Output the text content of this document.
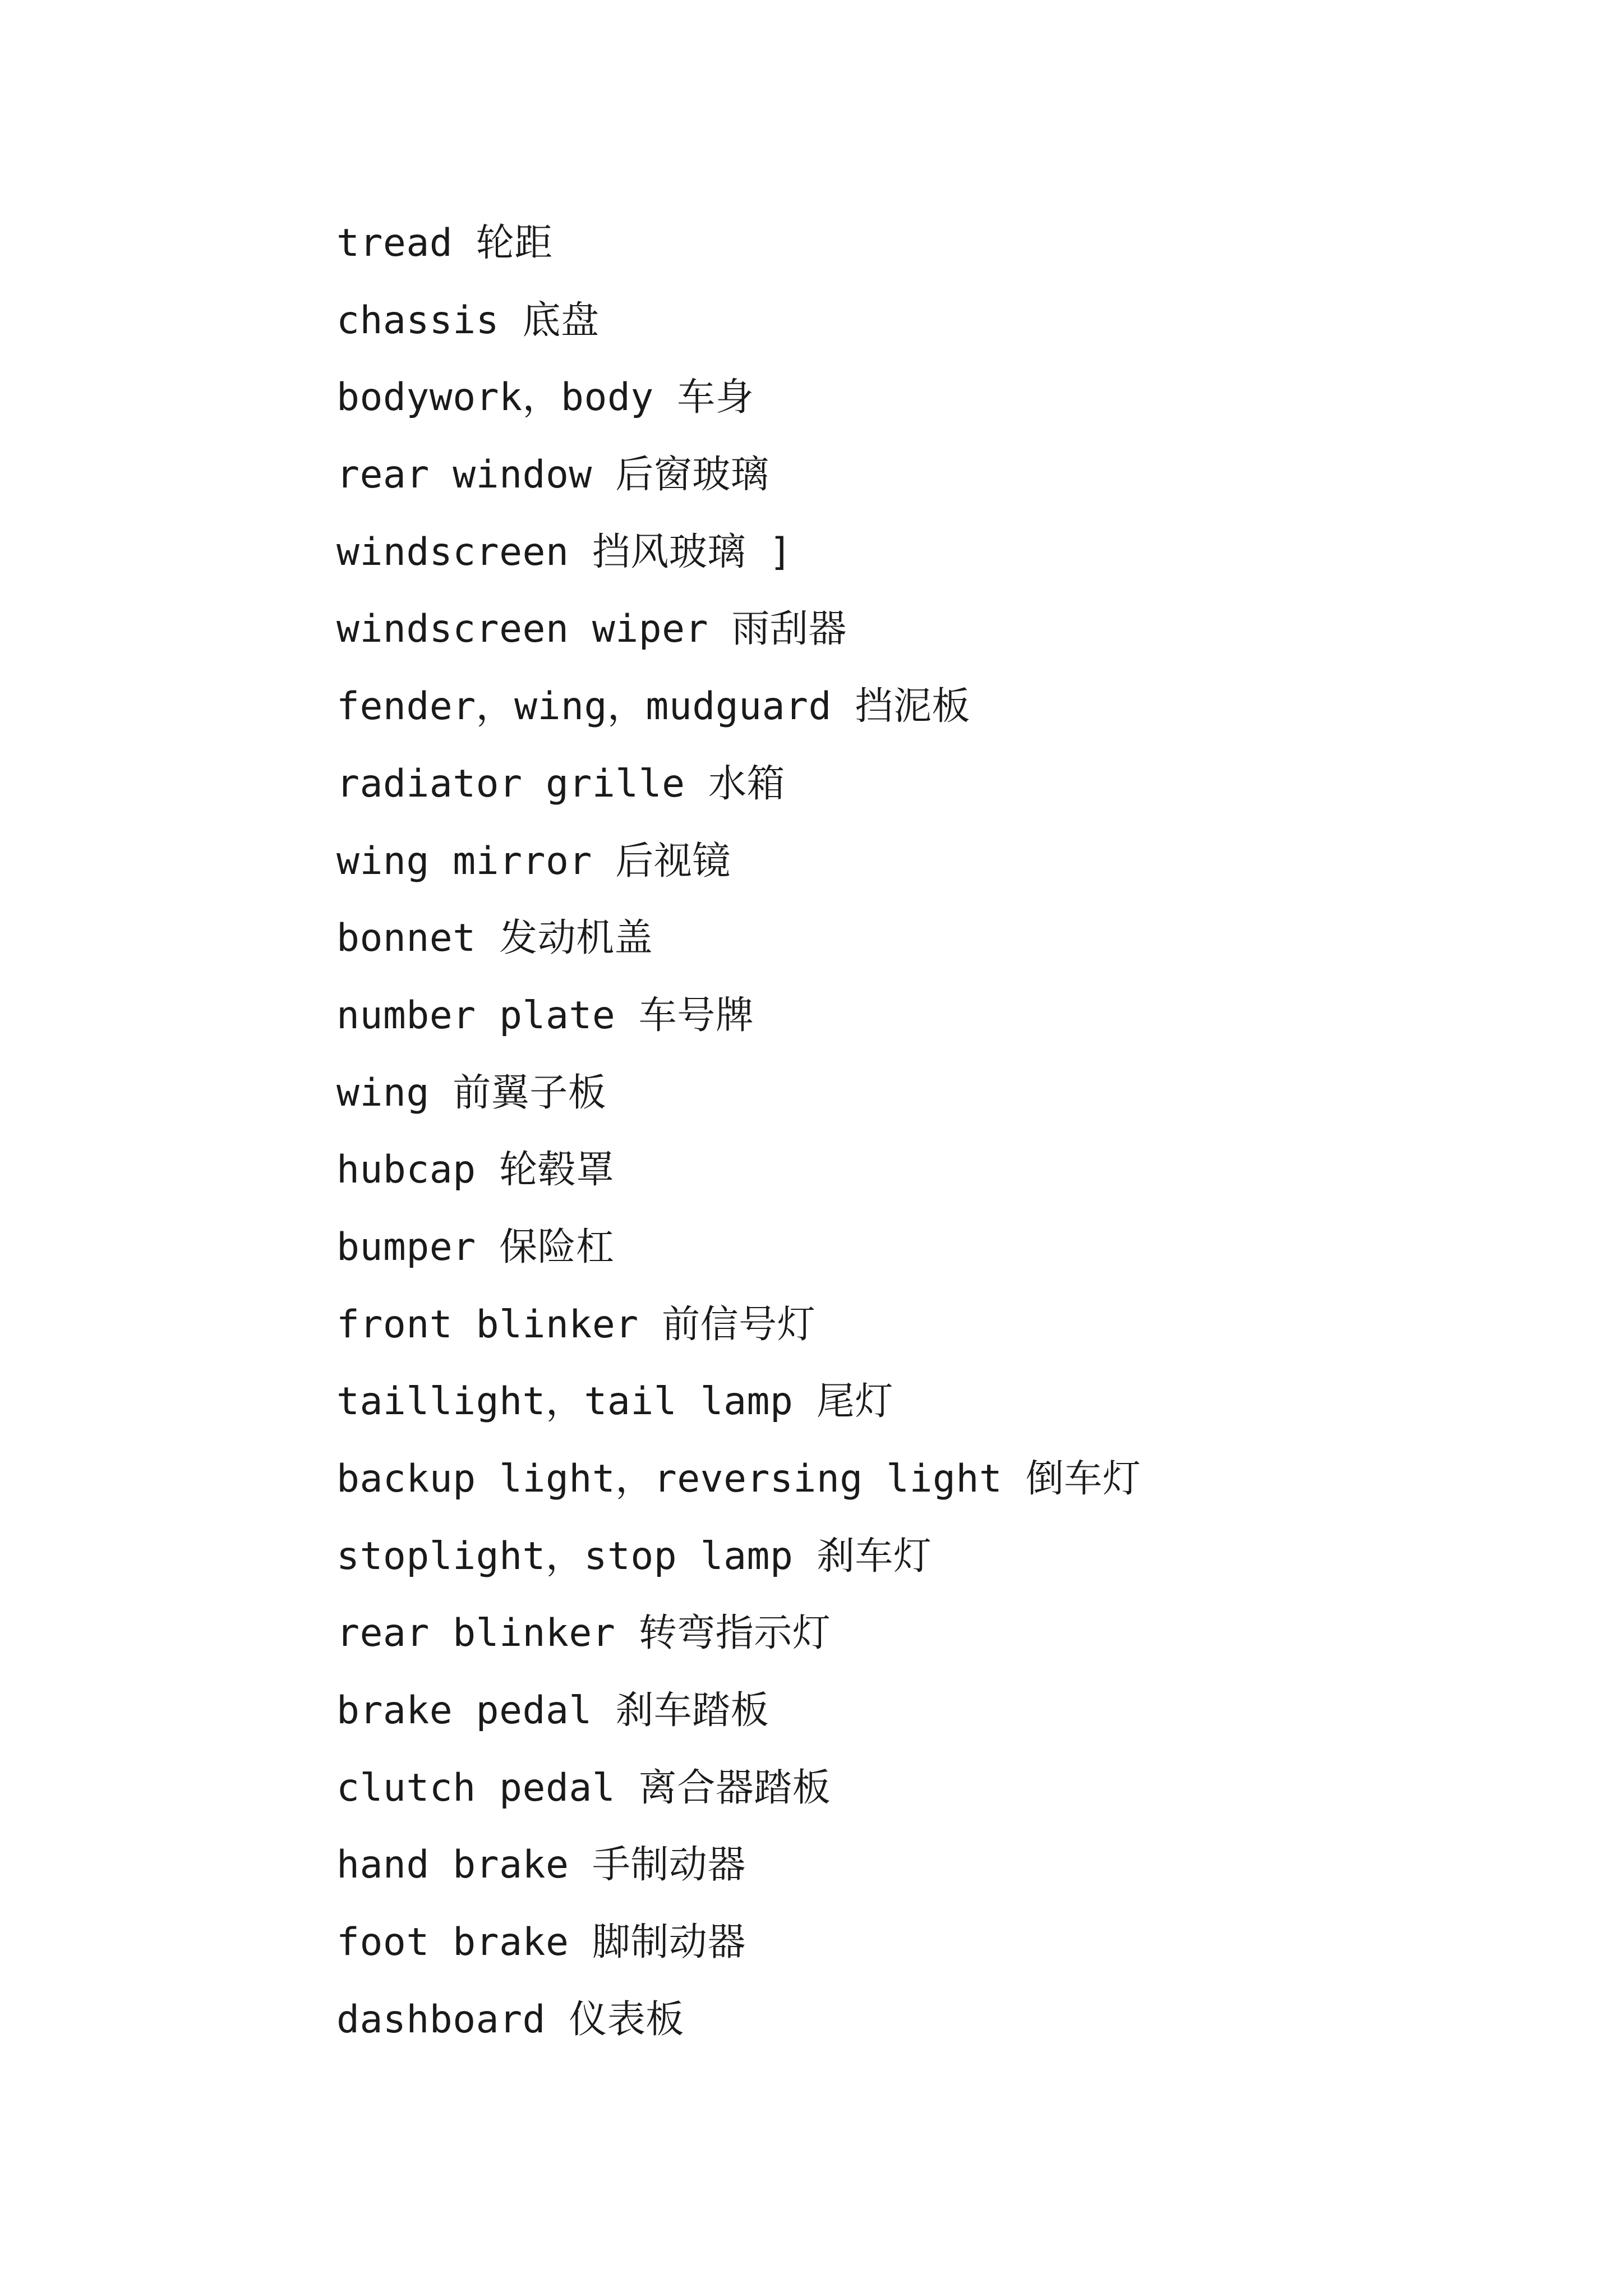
tread 轮距
chassis 底盘
bodywork，body 车身
rear window 后窗玻璃
windscreen 挡风玻璃 ]
windscreen wiper 雨刮器
fender，wing，mudguard 挡泥板
radiator grille 水箱
wing mirror 后视镜
bonnet 发动机盖
number plate 车号牌
wing 前翼子板
hubcap 轮毂罩
bumper 保险杠
front blinker 前信号灯
taillight，tail lamp 尾灯
backup light，reversing light 倒车灯
stoplight，stop lamp 刹车灯
rear blinker 转弯指示灯
brake pedal 刹车踏板
clutch pedal 离合器踏板
hand brake 手制动器
foot brake 脚制动器
dashboard 仪表板
